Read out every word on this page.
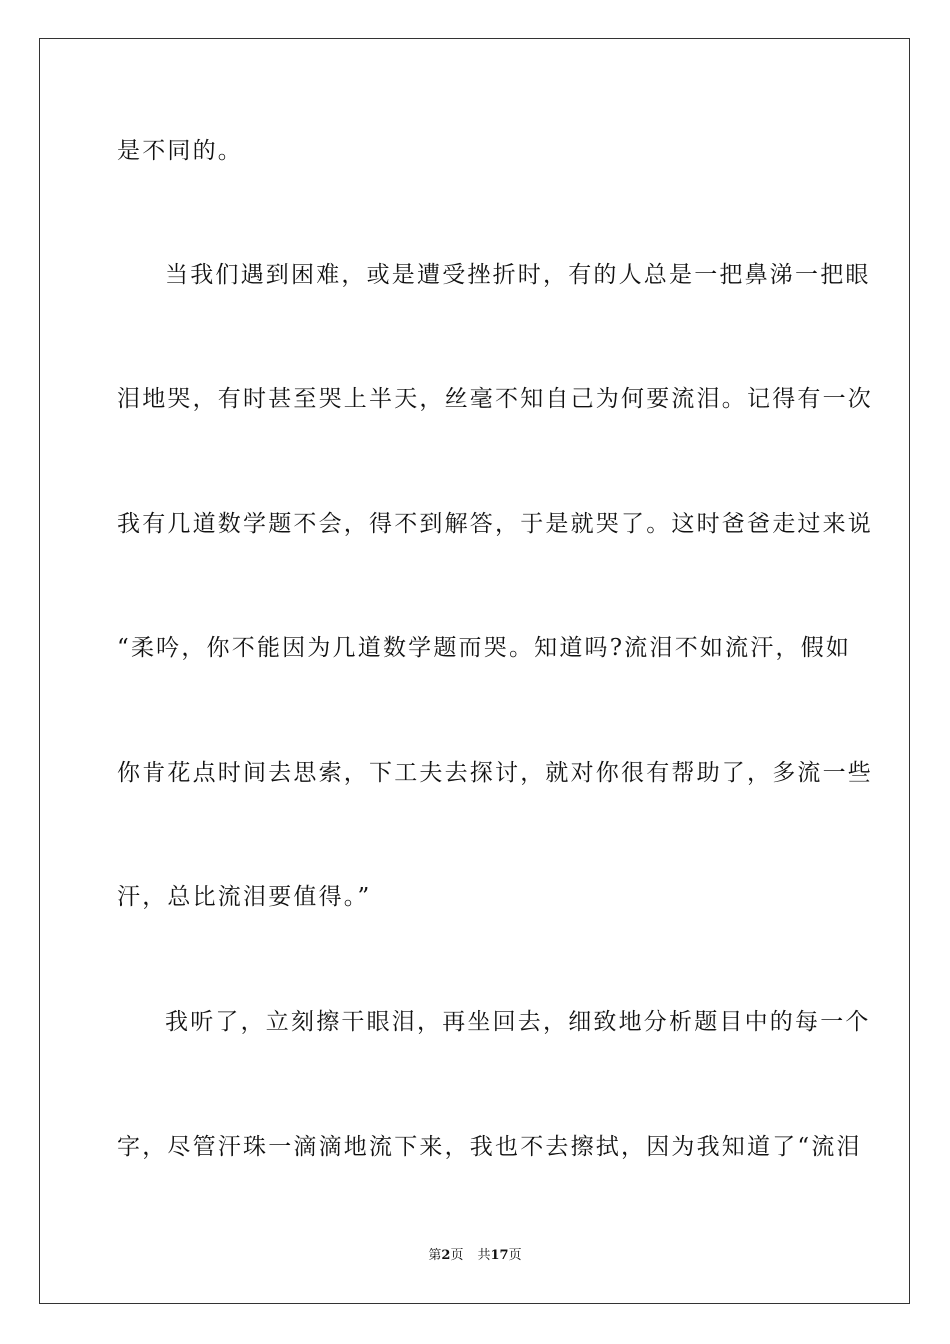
是不同的。
当我们遇到困难，或是遭受挫折时，有的人总是一把鼻涕一把眼
泪地哭，有时甚至哭上半天，丝毫不知自己为何要流泪。记得有一次
我有几道数学题不会，得不到解答，于是就哭了。这时爸爸走过来说
“柔吟，你不能因为几道数学题而哭。知道吗?流泪不如流汗，假如
你肯花点时间去思索，下工夫去探讨，就对你很有帮助了，多流一些
汗，总比流泪要值得。”
我听了，立刻擦干眼泪，再坐回去，细致地分析题目中的每一个
字，尽管汗珠一滴滴地流下来，我也不去擦拭，因为我知道了“流泪
第2页 共17页
